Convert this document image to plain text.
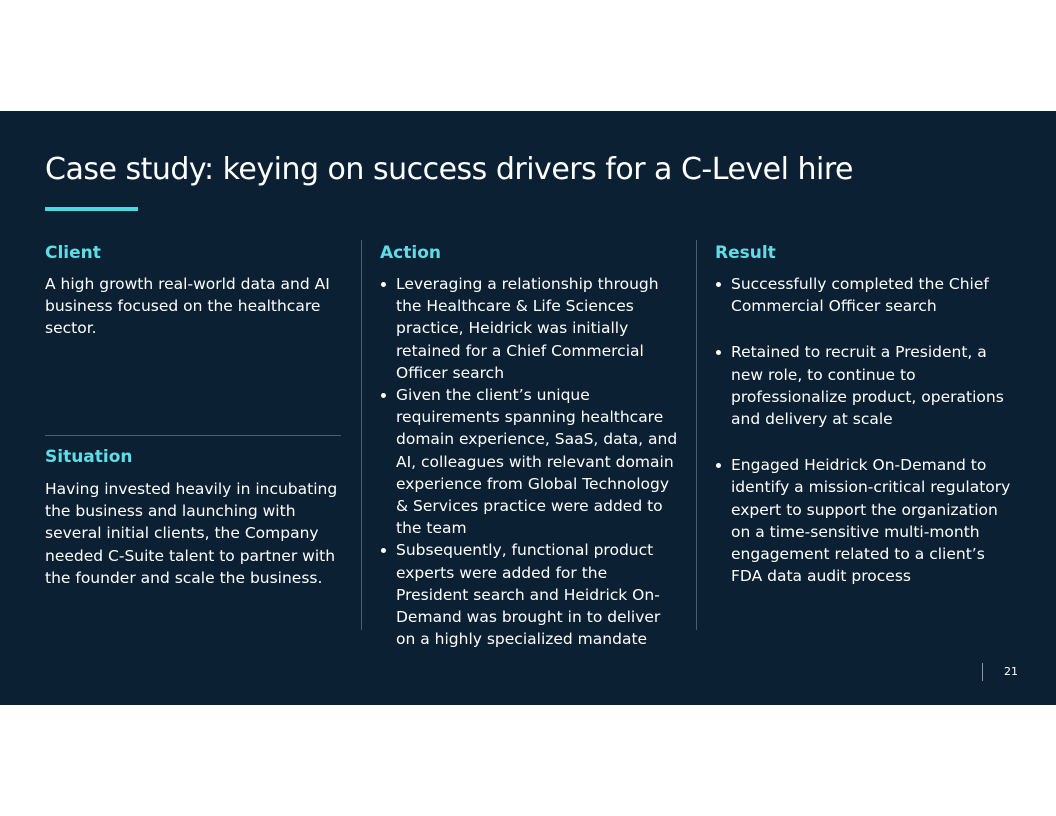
Case study: keying on success drivers for a C-Level hire
Client

A high growth real-world data and AI business focused on the healthcare sector.

Situation

Having invested heavily in incubating the business and launching with several initial clients, the Company needed C-Suite talent to partner with the founder and scale the business.

Action
Leveraging a relationship through the Healthcare & Life Sciences practice, Heidrick was initially retained for a Chief Commercial Officer search
Given the client’s unique requirements spanning healthcare domain experience, SaaS, data, and AI, colleagues with relevant domain experience from Global Technology & Services practice were added to the team
Subsequently, functional product experts were added for the President search and Heidrick On-Demand was brought in to deliver on a highly specialized mandate
Result
Successfully completed the Chief Commercial Officer search
Retained to recruit a President, a new role, to continue to professionalize product, operations and delivery at scale
Engaged Heidrick On-Demand to identify a mission-critical regulatory expert to support the organization on a time-sensitive multi-month engagement related to a client’s FDA data audit process
21
